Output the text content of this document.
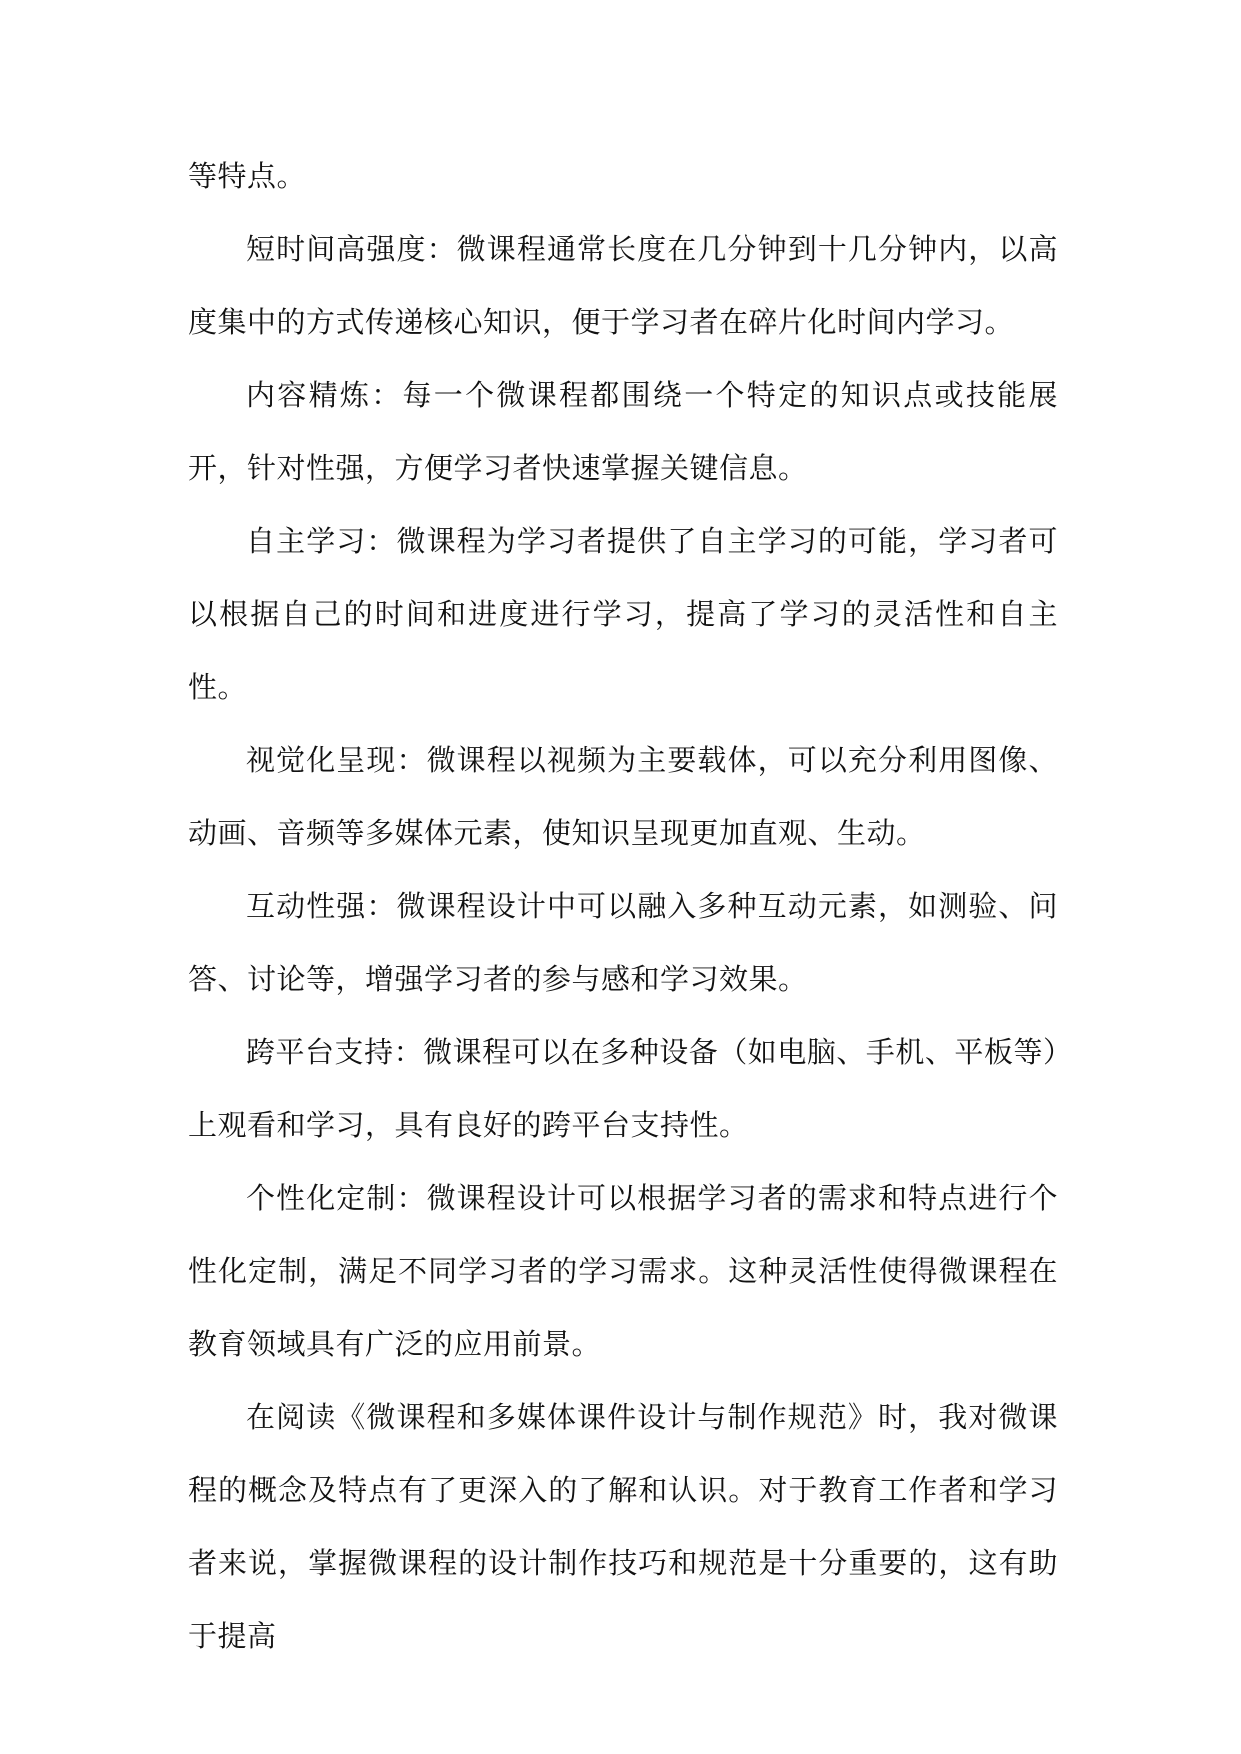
等特点。

短时间高强度：微课程通常长度在几分钟到十几分钟内，以高度集中的方式传递核心知识，便于学习者在碎片化时间内学习。

内容精炼：每一个微课程都围绕一个特定的知识点或技能展开，针对性强，方便学习者快速掌握关键信息。

自主学习：微课程为学习者提供了自主学习的可能，学习者可以根据自己的时间和进度进行学习，提高了学习的灵活性和自主性。

视觉化呈现：微课程以视频为主要载体，可以充分利用图像、动画、音频等多媒体元素，使知识呈现更加直观、生动。

互动性强：微课程设计中可以融入多种互动元素，如测验、问答、讨论等，增强学习者的参与感和学习效果。

跨平台支持：微课程可以在多种设备（如电脑、手机、平板等）上观看和学习，具有良好的跨平台支持性。

个性化定制：微课程设计可以根据学习者的需求和特点进行个性化定制，满足不同学习者的学习需求。这种灵活性使得微课程在教育领域具有广泛的应用前景。

在阅读《微课程和多媒体课件设计与制作规范》时，我对微课程的概念及特点有了更深入的了解和认识。对于教育工作者和学习者来说，掌握微课程的设计制作技巧和规范是十分重要的，这有助于提高
